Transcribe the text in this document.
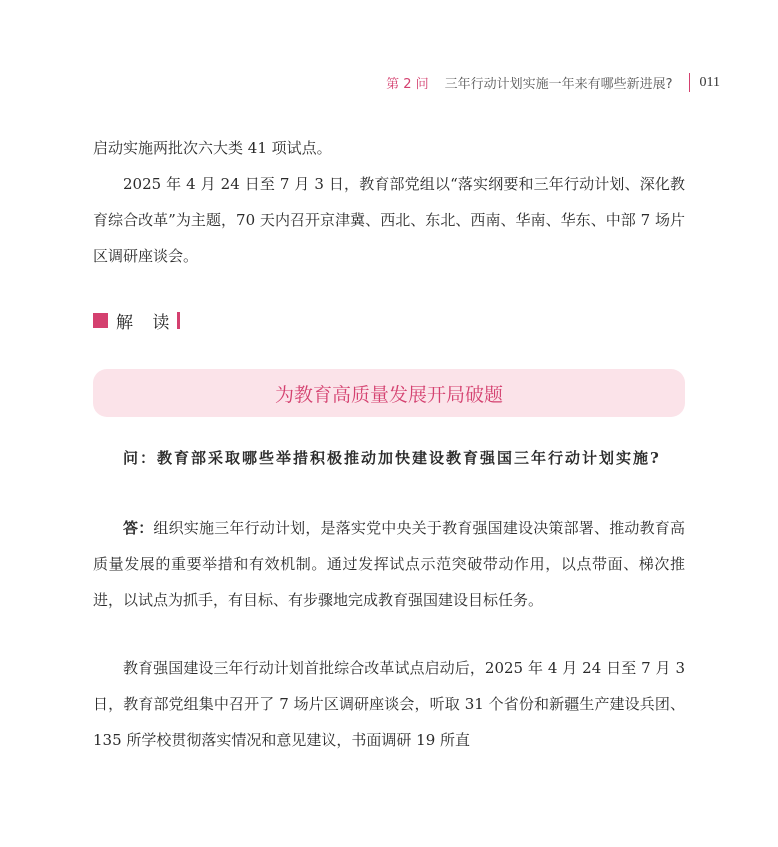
第 2 问 三年行动计划实施一年来有哪些新进展? 011

启动实施两批次六大类 41 项试点。

2025 年 4 月 24 日至 7 月 3 日，教育部党组以“落实纲要和三年行动计划、深化教育综合改革”为主题，70 天内召开京津冀、西北、东北、西南、华南、华东、中部 7 场片区调研座谈会。

解 读
为教育高质量发展开局破题

问：教育部采取哪些举措积极推动加快建设教育强国三年行动计划实施?

答：组织实施三年行动计划，是落实党中央关于教育强国建设决策部署、推动教育高质量发展的重要举措和有效机制。通过发挥试点示范突破带动作用，以点带面、梯次推进，以试点为抓手，有目标、有步骤地完成教育强国建设目标任务。

教育强国建设三年行动计划首批综合改革试点启动后，2025 年 4 月 24 日至 7 月 3 日，教育部党组集中召开了 7 场片区调研座谈会，听取 31 个省份和新疆生产建设兵团、135 所学校贯彻落实情况和意见建议，书面调研 19 所直
